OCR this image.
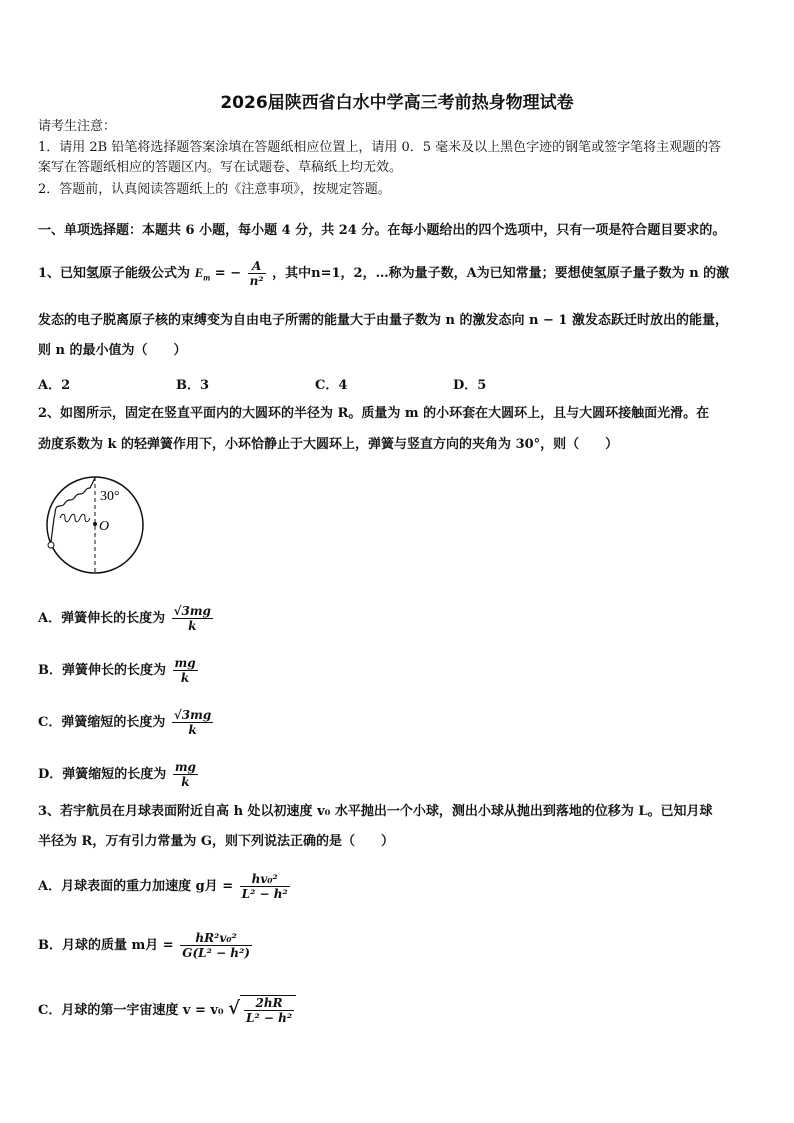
2026届陕西省白水中学高三考前热身物理试卷
请考生注意：
1．请用 2B 铅笔将选择题答案涂填在答题纸相应位置上，请用 0．5 毫米及以上黑色字迹的钢笔或签字笔将主观题的答
案写在答题纸相应的答题区内。写在试题卷、草稿纸上均无效。
2．答题前，认真阅读答题纸上的《注意事项》，按规定答题。
一、单项选择题：本题共 6 小题，每小题 4 分，共 24 分。在每小题给出的四个选项中，只有一项是符合题目要求的。
1、已知氢原子能级公式为 $E_m$ = − $\frac{A}{\text{n²}}$ ，其中n=1，2，…称为量子数，A为已知常量；要想使氢原子量子数为 n 的激
发态的电子脱离原子核的束缚变为自由电子所需的能量大于由量子数为 n 的激发态向 n − 1 激发态跃迁时放出的能量，
则 n 的最小值为（　　）
A．2	B．3	C．4	D．5
2、如图所示，固定在竖直平面内的大圆环的半径为 R。质量为 m 的小环套在大圆环上，且与大圆环接触面光滑。在
劲度系数为 k 的轻弹簧作用下，小环恰静止于大圆环上，弹簧与竖直方向的夹角为 30°，则（　　）
30°
O
A．弹簧伸长的长度为 $\frac{√3mg}{k}$
B．弹簧伸长的长度为 $\frac{mg}{k}$
C．弹簧缩短的长度为 $\frac{√3mg}{k}$
D．弹簧缩短的长度为 $\frac{mg}{k}$
3、若宇航员在月球表面附近自高 h 处以初速度 v₀ 水平抛出一个小球，测出小球从抛出到落地的位移为 L。已知月球
半径为 R，万有引力常量为 G，则下列说法正确的是（　　）
A．月球表面的重力加速度 g月 = $\frac{\text{hv₀²}}{\text{L² − h²}}$
B．月球的质量 m月 = $\frac{\text{hR²v₀²}}{\text{G(L² − h²)}}$
C．月球的第一宇宙速度 v = v₀ √ $\frac{2hR}{\text{L² − h²}}$
